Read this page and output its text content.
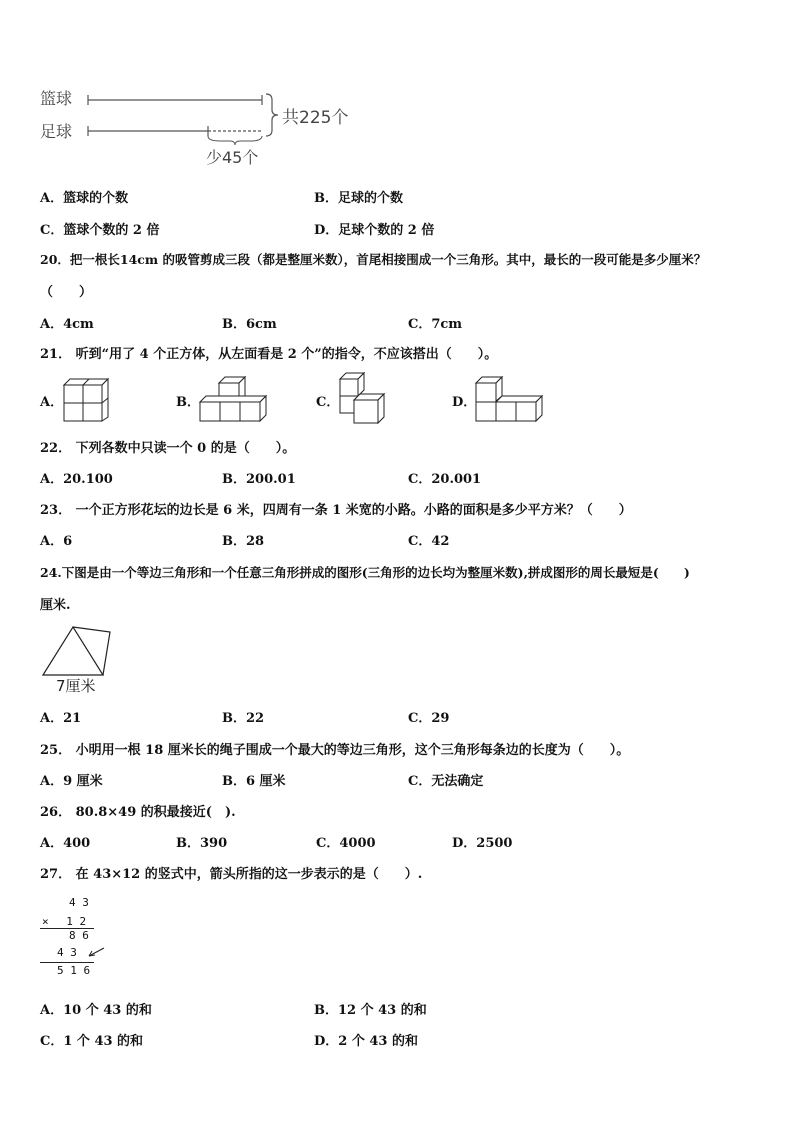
篮球
足球
共225个
少45个
A．篮球的个数	B．足球的个数
C．篮球个数的 2 倍	D．足球个数的 2 倍
20．把一根长14cm 的吸管剪成三段（都是整厘米数），首尾相接围成一个三角形。其中，最长的一段可能是多少厘米？
（　　）
A．4cm	B．6cm	C．7cm
21． 听到“用了 4 个正方体，从左面看是 2 个”的指令，不应该搭出（　　）。
A．	B．	C．	D．
22． 下列各数中只读一个 0 的是（　　）。
A．20.100	B．200.01	C．20.001
23． 一个正方形花坛的边长是 6 米，四周有一条 1 米宽的小路。小路的面积是多少平方米？（　　）
A．6	B．28	C．42
24.下图是由一个等边三角形和一个任意三角形拼成的图形(三角形的边长均为整厘米数),拼成图形的周长最短是(　　)
厘米.
7厘米
A．21	B．22	C．29
25． 小明用一根 18 厘米长的绳子围成一个最大的等边三角形，这个三角形每条边的长度为（　　）。
A．9 厘米	B．6 厘米	C．无法确定
26． 80.8×49 的积最接近(　).
A．400	B．390	C．4000	D．2500
27． 在 43×12 的竖式中，箭头所指的这一步表示的是（　　）.
4 3
× 　1 2
8 6
4 3
5 1 6
A．10 个 43 的和	B．12 个 43 的和
C．1 个 43 的和	D．2 个 43 的和
